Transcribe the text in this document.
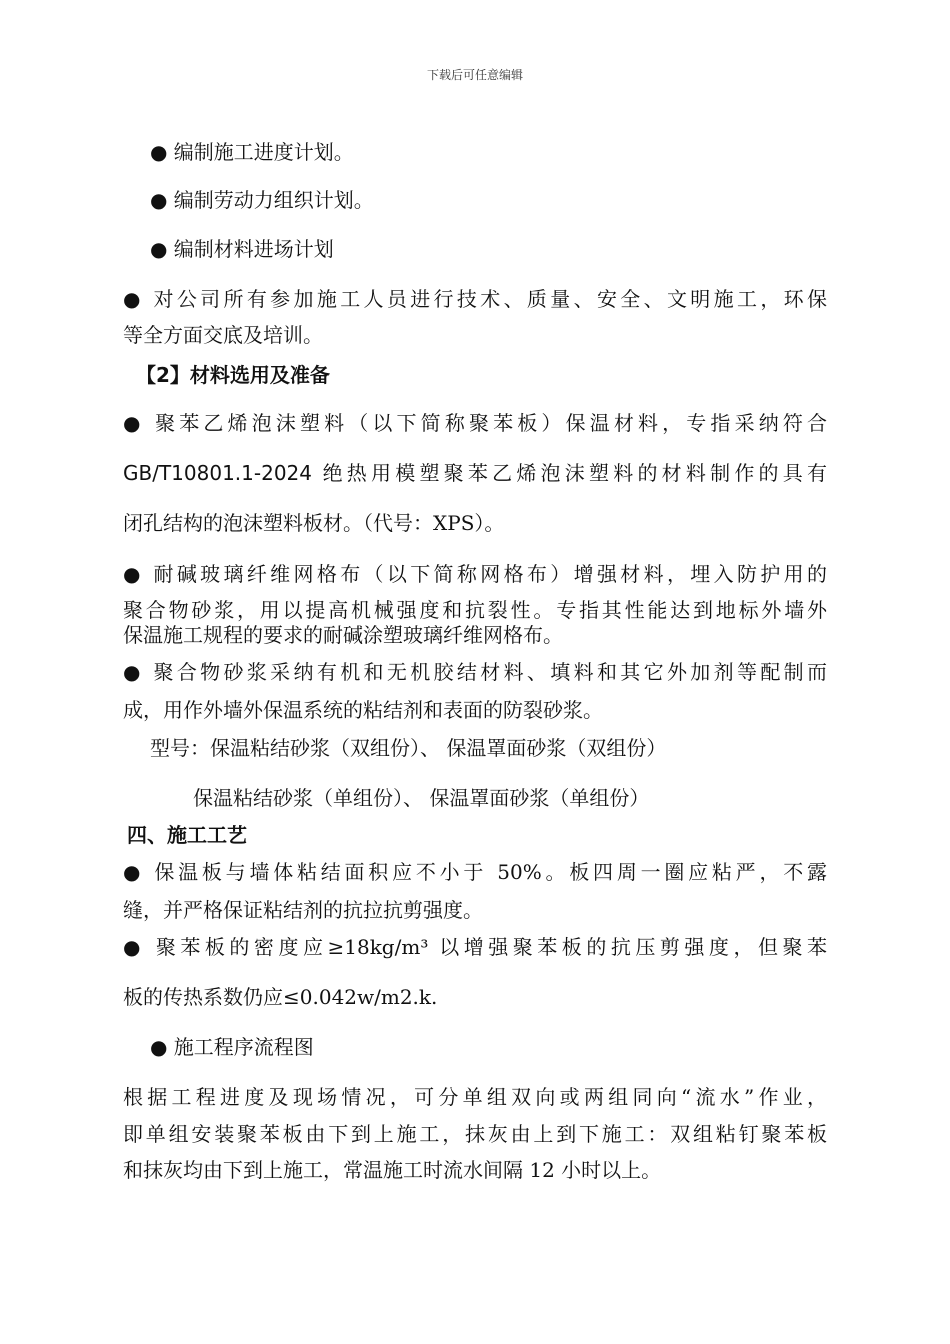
下载后可任意编辑
● 编制施工进度计划。
● 编制劳动力组织计划。
● 编制材料进场计划
● 对公司所有参加施工人员进行技术、质量、安全、文明施工，环保
等全方面交底及培训。
【2】材料选用及准备
● 聚苯乙烯泡沫塑料（以下简称聚苯板）保温材料，专指采纳符合
GB/T10801.1-2024 绝热用模塑聚苯乙烯泡沫塑料的材料制作的具有
闭孔结构的泡沫塑料板材。（代号：XPS）。
● 耐碱玻璃纤维网格布（以下简称网格布）增强材料，埋入防护用的
聚合物砂浆，用以提高机械强度和抗裂性。专指其性能达到地标外墙外
保温施工规程的要求的耐碱涂塑玻璃纤维网格布。
● 聚合物砂浆采纳有机和无机胶结材料、填料和其它外加剂等配制而
成，用作外墙外保温系统的粘结剂和表面的防裂砂浆。
型号：保温粘结砂浆（双组份）、 保温罩面砂浆（双组份）
保温粘结砂浆（单组份）、 保温罩面砂浆（单组份）
四、施工工艺
● 保温板与墙体粘结面积应不小于 50%。板四周一圈应粘严，不露
缝，并严格保证粘结剂的抗拉抗剪强度。
● 聚苯板的密度应≥18kg/m³ 以增强聚苯板的抗压剪强度，但聚苯
板的传热系数仍应≤0.042w/m2.k.
● 施工程序流程图
根据工程进度及现场情况，可分单组双向或两组同向“流水”作业，
即单组安装聚苯板由下到上施工，抹灰由上到下施工：双组粘钉聚苯板
和抹灰均由下到上施工，常温施工时流水间隔 12 小时以上。
